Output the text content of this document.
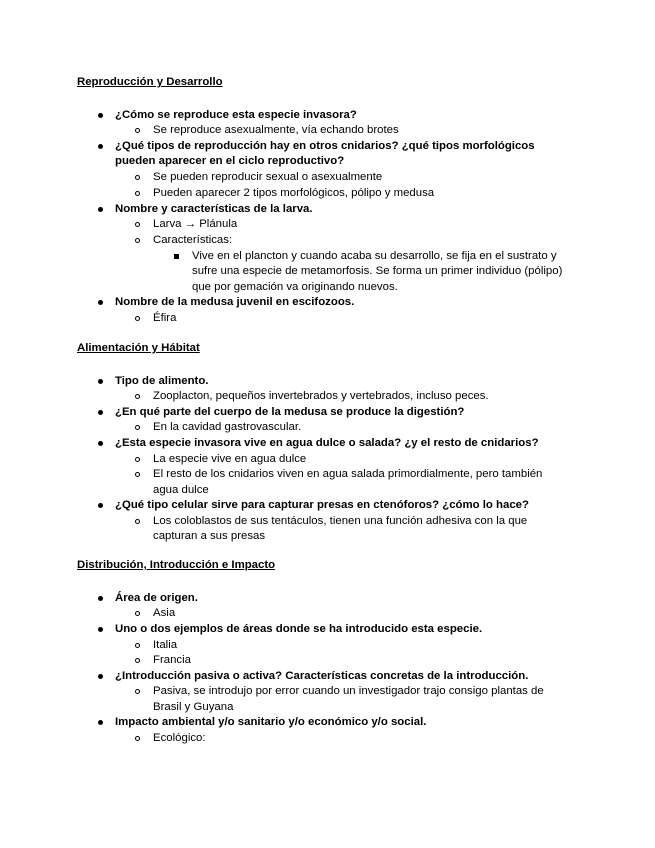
Reproducción y Desarrollo
¿Cómo se reproduce esta especie invasora?
Se reproduce asexualmente, vía echando brotes
¿Qué tipos de reproducción hay en otros cnidarios? ¿qué tipos morfológicos
pueden aparecer en el ciclo reproductivo?
Se pueden reproducir sexual o asexualmente
Pueden aparecer 2 tipos morfológicos, pólipo y medusa
Nombre y características de la larva.
Larva → Plánula
Características:
Vive en el plancton y cuando acaba su desarrollo, se fija en el sustrato y
sufre una especie de metamorfosis. Se forma un primer individuo (pólipo)
que por gemación va originando nuevos.
Nombre de la medusa juvenil en escifozoos.
Éfira
Alimentación y Hábitat
Tipo de alimento.
Zooplacton, pequeños invertebrados y vertebrados, incluso peces.
¿En qué parte del cuerpo de la medusa se produce la digestión?
En la cavidad gastrovascular.
¿Esta especie invasora vive en agua dulce o salada? ¿y el resto de cnidarios?
La especie vive en agua dulce
El resto de los cnidarios viven en agua salada primordialmente, pero también
agua dulce
¿Qué tipo celular sirve para capturar presas en ctenóforos? ¿cómo lo hace?
Los coloblastos de sus tentáculos, tienen una función adhesiva con la que
capturan a sus presas
Distribución, Introducción e Impacto
Área de origen.
Asia
Uno o dos ejemplos de áreas donde se ha introducido esta especie.
Italia
Francia
¿Introducción pasiva o activa? Características concretas de la introducción.
Pasiva, se introdujo por error cuando un investigador trajo consigo plantas de
Brasil y Guyana
Impacto ambiental y/o sanitario y/o económico y/o social.
Ecológico:
